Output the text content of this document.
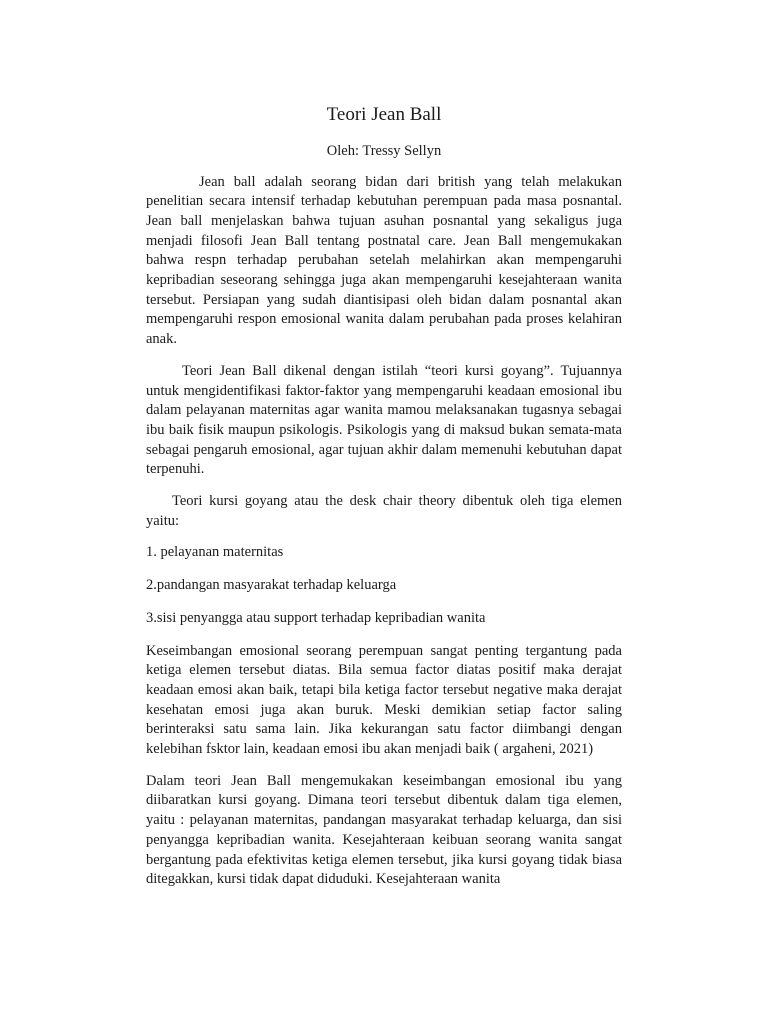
Teori Jean Ball
Oleh: Tressy Sellyn

Jean ball adalah seorang bidan dari british yang telah melakukan penelitian secara intensif terhadap kebutuhan perempuan pada masa posnantal. Jean ball menjelaskan bahwa tujuan asuhan posnantal yang sekaligus juga menjadi filosofi Jean Ball tentang postnatal care. Jean Ball mengemukakan bahwa respn terhadap perubahan setelah melahirkan akan mempengaruhi kepribadian seseorang sehingga juga akan mempengaruhi kesejahteraan wanita tersebut. Persiapan yang sudah diantisipasi oleh bidan dalam posnantal akan mempengaruhi respon emosional wanita dalam perubahan pada proses kelahiran anak.

Teori Jean Ball dikenal dengan istilah “teori kursi goyang”. Tujuannya untuk mengidentifikasi faktor-faktor yang mempengaruhi keadaan emosional ibu dalam pelayanan maternitas agar wanita mamou melaksanakan tugasnya sebagai ibu baik fisik maupun psikologis. Psikologis yang di maksud bukan semata-mata sebagai pengaruh emosional, agar tujuan akhir dalam memenuhi kebutuhan dapat terpenuhi.

Teori kursi goyang atau the desk chair theory dibentuk oleh tiga elemen yaitu:

1. pelayanan maternitas
2.pandangan masyarakat terhadap keluarga
3.sisi penyangga atau support terhadap kepribadian wanita

Keseimbangan emosional seorang perempuan sangat penting tergantung pada ketiga elemen tersebut diatas. Bila semua factor diatas positif maka derajat keadaan emosi akan baik, tetapi bila ketiga factor tersebut negative maka derajat kesehatan emosi juga akan buruk. Meski demikian setiap factor saling berinteraksi satu sama lain. Jika kekurangan satu factor diimbangi dengan kelebihan fsktor lain, keadaan emosi ibu akan menjadi baik ( argaheni, 2021)

Dalam teori Jean Ball mengemukakan keseimbangan emosional ibu yang diibaratkan kursi goyang. Dimana teori tersebut dibentuk dalam tiga elemen, yaitu : pelayanan maternitas, pandangan masyarakat terhadap keluarga, dan sisi penyangga kepribadian wanita. Kesejahteraan keibuan seorang wanita sangat bergantung pada efektivitas ketiga elemen tersebut, jika kursi goyang tidak biasa ditegakkan, kursi tidak dapat diduduki. Kesejahteraan wanita
